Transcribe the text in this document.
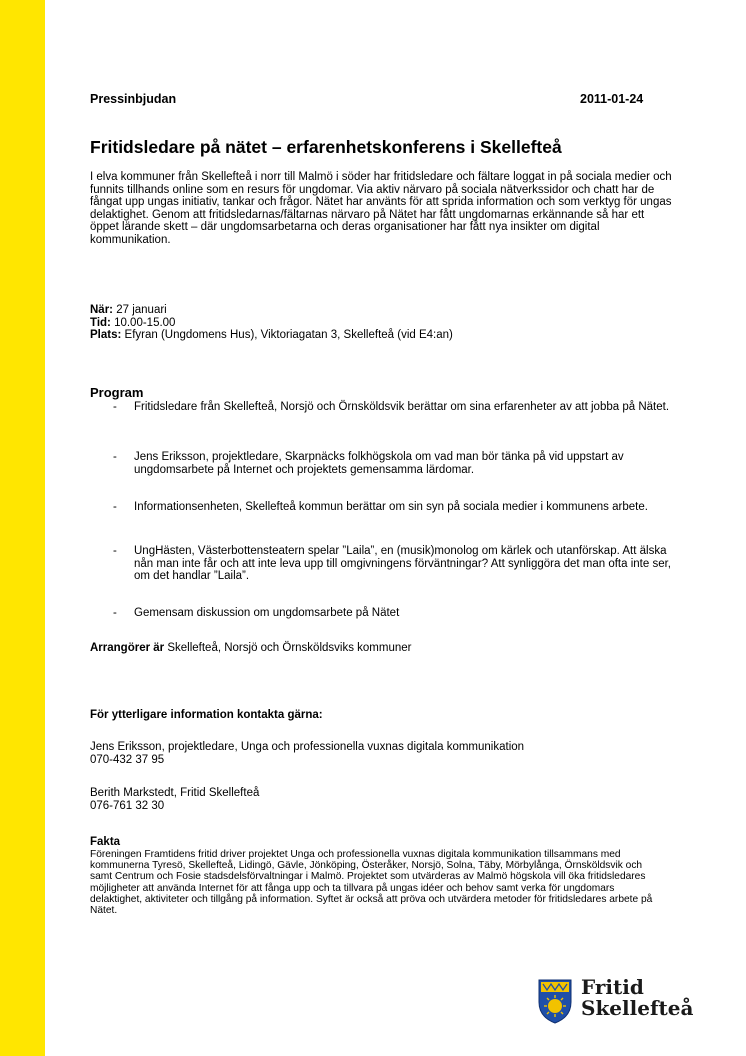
Pressinbjudan	2011-01-24
Fritidsledare på nätet – erfarenhetskonferens i Skellefteå
I elva kommuner från Skellefteå i norr till Malmö i söder har fritidsledare och fältare loggat in på sociala medier och funnits tillhands online som en resurs för ungdomar. Via aktiv närvaro på sociala nätverkssidor och chatt har de fångat upp ungas initiativ, tankar och frågor. Nätet har använts för att sprida information och som verktyg för ungas delaktighet. Genom att fritidsledarnas/fältarnas närvaro på Nätet har fått ungdomarnas erkännande så har ett öppet lärande skett – där ungdomsarbetarna och deras organisationer har fått nya insikter om digital kommunikation.
När: 27 januari
Tid: 10.00-15.00
Plats: Efyran (Ungdomens Hus), Viktoriagatan 3, Skellefteå (vid E4:an)
Program
- Fritidsledare från Skellefteå, Norsjö och Örnsköldsvik berättar om sina erfarenheter av att jobba på Nätet.
- Jens Eriksson, projektledare, Skarpnäcks folkhögskola om vad man bör tänka på vid uppstart av ungdomsarbete på Internet och projektets gemensamma lärdomar.
- Informationsenheten, Skellefteå kommun berättar om sin syn på sociala medier i kommunens arbete.
- UngHästen, Västerbottensteatern spelar ”Laila”, en (musik)monolog om kärlek och utanförskap. Att älska nån man inte får och att inte leva upp till omgivningens förväntningar? Att synliggöra det man ofta inte ser, om det handlar ”Laila”.
- Gemensam diskussion om ungdomsarbete på Nätet
Arrangörer är Skellefteå, Norsjö och Örnsköldsviks kommuner
För ytterligare information kontakta gärna:
Jens Eriksson, projektledare, Unga och professionella vuxnas digitala kommunikation
070-432 37 95
Berith Markstedt, Fritid Skellefteå
076-761 32 30
Fakta
Föreningen Framtidens fritid driver projektet Unga och professionella vuxnas digitala kommunikation tillsammans med kommunerna Tyresö, Skellefteå, Lidingö, Gävle, Jönköping, Österåker, Norsjö, Solna, Täby, Mörbylånga, Örnsköldsvik och samt Centrum och Fosie stadsdelsförvaltningar i Malmö. Projektet som utvärderas av Malmö högskola vill öka fritidsledares möjligheter att använda Internet för att fånga upp och ta tillvara på ungas idéer och behov samt verka för ungdomars delaktighet, aktiviteter och tillgång på information. Syftet är också att pröva och utvärdera metoder för fritidsledares arbete på Nätet.
Fritid
Skellefteå
